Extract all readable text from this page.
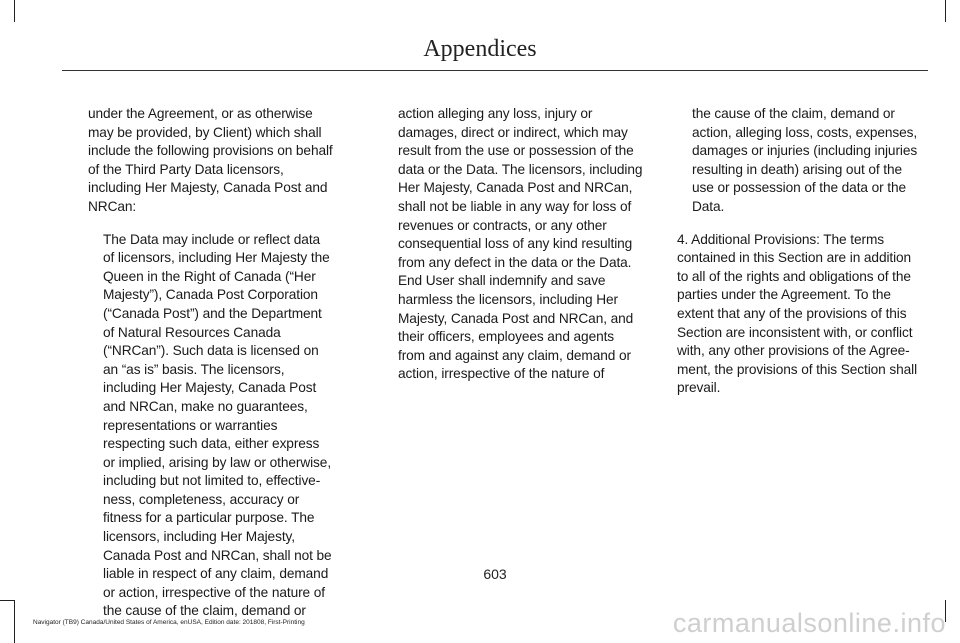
Appendices

under the Agreement, or as otherwise may be provided, by Client) which shall include the following provisions on behalf of the Third Party Data licensors, including Her Majesty, Canada Post and NRCan:

The Data may include or reflect data of licensors, including Her Majesty the Queen in the Right of Canada (“Her Majesty”), Canada Post Corporation (“Canada Post”) and the Department of Natural Resources Canada (“NRCan”). Such data is licensed on an “as is” basis. The licensors, including Her Majesty, Canada Post and NRCan, make no guarantees, representations or warranties respecting such data, either express or implied, arising by law or otherwise, including but not limited to, effective-ness, completeness, accuracy or fitness for a particular purpose. The licensors, including Her Majesty, Canada Post and NRCan, shall not be liable in respect of any claim, demand or action, irrespective of the nature of the cause of the claim, demand or

action alleging any loss, injury or damages, direct or indirect, which may result from the use or possession of the data or the Data. The licensors, including Her Majesty, Canada Post and NRCan, shall not be liable in any way for loss of revenues or contracts, or any other consequential loss of any kind resulting from any defect in the data or the Data.

End User shall indemnify and save harmless the licensors, including Her Majesty, Canada Post and NRCan, and their officers, employees and agents from and against any claim, demand or action, irrespective of the nature of

the cause of the claim, demand or action, alleging loss, costs, expenses, damages or injuries (including injuries resulting in death) arising out of the use or possession of the data or the Data.

4. Additional Provisions: The terms contained in this Section are in addition to all of the rights and obligations of the parties under the Agreement. To the extent that any of the provisions of this Section are inconsistent with, or conflict with, any other provisions of the Agree-ment, the provisions of this Section shall prevail.

603
Navigator (TB9) Canada/United States of America, enUSA, Edition date: 201808, First-Printing	carmanualsonline.info
